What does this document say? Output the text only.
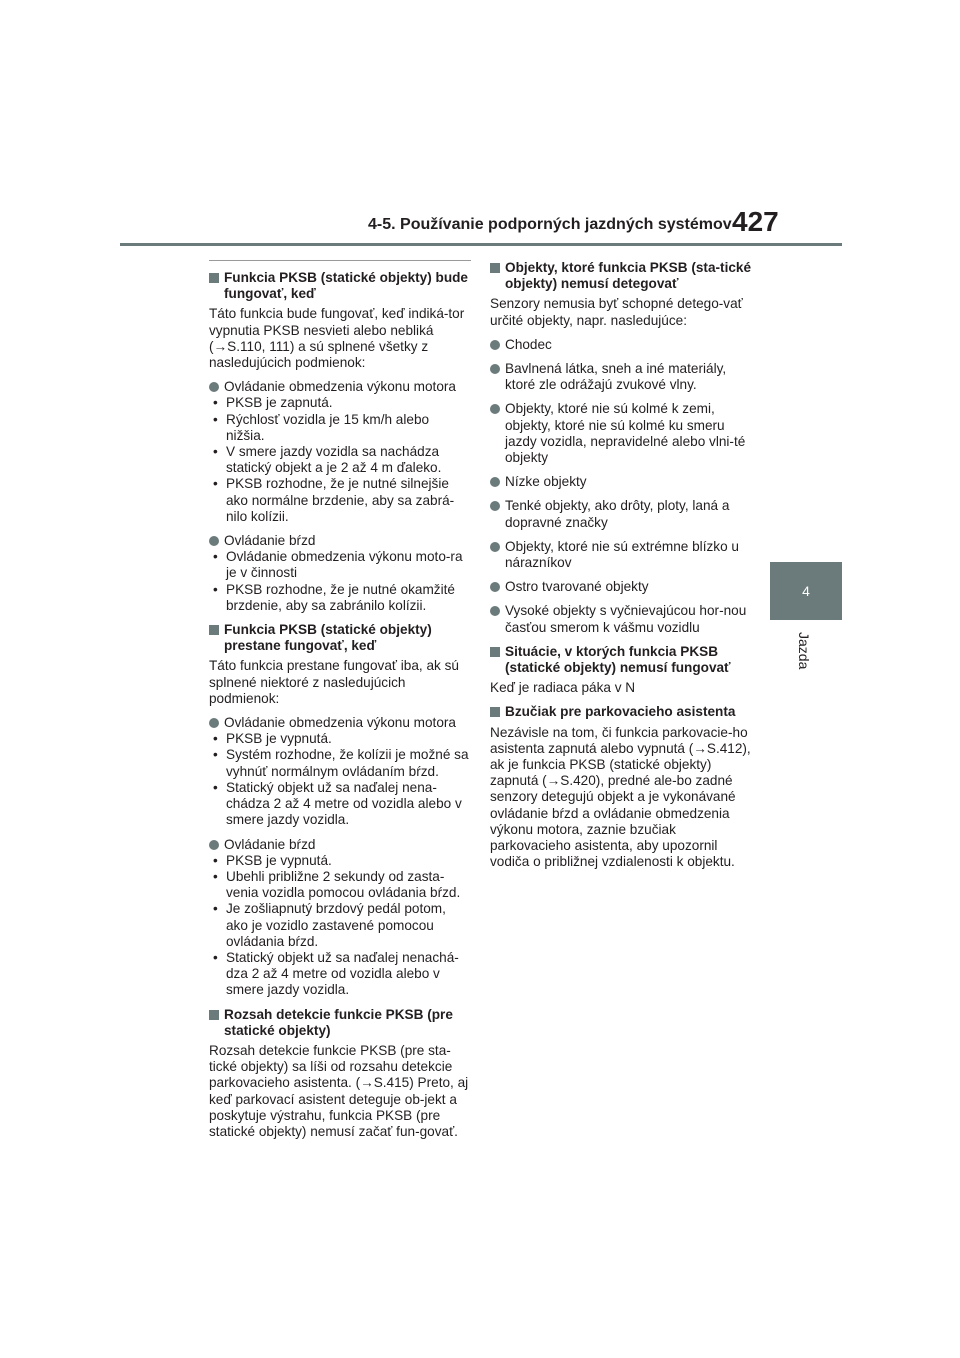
4-5. Používanie podporných jazdných systémov 427
4
Jazda
Funkcia PKSB (statické objekty) bude fungovať, keď
Táto funkcia bude fungovať, keď indiká-tor vypnutia PKSB nesvieti alebo nebliká (→S.110, 111) a sú splnené všetky z nasledujúcich podmienok:
Ovládanie obmedzenia výkonu motora
• PKSB je zapnutá.
• Rýchlosť vozidla je 15 km/h alebo nižšia.
• V smere jazdy vozidla sa nachádza statický objekt a je 2 až 4 m ďaleko.
• PKSB rozhodne, že je nutné silnejšie ako normálne brzdenie, aby sa zabrá-nilo kolízii.
Ovládanie bŕzd
• Ovládanie obmedzenia výkonu moto-ra je v činnosti
• PKSB rozhodne, že je nutné okamžité brzdenie, aby sa zabránilo kolízii.
Funkcia PKSB (statické objekty) prestane fungovať, keď
Táto funkcia prestane fungovať iba, ak sú splnené niektoré z nasledujúcich podmienok:
Ovládanie obmedzenia výkonu motora
• PKSB je vypnutá.
• Systém rozhodne, že kolízii je možné sa vyhnúť normálnym ovládaním bŕzd.
• Statický objekt už sa naďalej nena-chádza 2 až 4 metre od vozidla alebo v smere jazdy vozidla.
Ovládanie bŕzd
• PKSB je vypnutá.
• Ubehli približne 2 sekundy od zasta-venia vozidla pomocou ovládania bŕzd.
• Je zošliapnutý brzdový pedál potom, ako je vozidlo zastavené pomocou ovládania bŕzd.
• Statický objekt už sa naďalej nenachá-dza 2 až 4 metre od vozidla alebo v smere jazdy vozidla.
Rozsah detekcie funkcie PKSB (pre statické objekty)
Rozsah detekcie funkcie PKSB (pre sta-tické objekty) sa líši od rozsahu detekcie parkovacieho asistenta. (→S.415) Preto, aj keď parkovací asistent deteguje ob-jekt a poskytuje výstrahu, funkcia PKSB (pre statické objekty) nemusí začať fun-govať.
Objekty, ktoré funkcia PKSB (sta-tické objekty) nemusí detegovať
Senzory nemusia byť schopné detego-vať určité objekty, napr. nasledujúce:
Chodec
Bavlnená látka, sneh a iné materiály, ktoré zle odrážajú zvukové vlny.
Objekty, ktoré nie sú kolmé k zemi, objekty, ktoré nie sú kolmé ku smeru jazdy vozidla, nepravidelné alebo vlni-té objekty
Nízke objekty
Tenké objekty, ako drôty, ploty, laná a dopravné značky
Objekty, ktoré nie sú extrémne blízko u nárazníkov
Ostro tvarované objekty
Vysoké objekty s vyčnievajúcou hor-nou časťou smerom k vášmu vozidlu
Situácie, v ktorých funkcia PKSB (statické objekty) nemusí fungovať
Keď je radiaca páka v N
Bzučiak pre parkovacieho asistenta
Nezávisle na tom, či funkcia parkovacie-ho asistenta zapnutá alebo vypnutá (→S.412), ak je funkcia PKSB (statické objekty) zapnutá (→S.420), predné ale-bo zadné senzory detegujú objekt a je vykonávané ovládanie bŕzd a ovládanie obmedzenia výkonu motora, zaznie bzučiak parkovacieho asistenta, aby upozornil vodiča o približnej vzdialenosti k objektu.
